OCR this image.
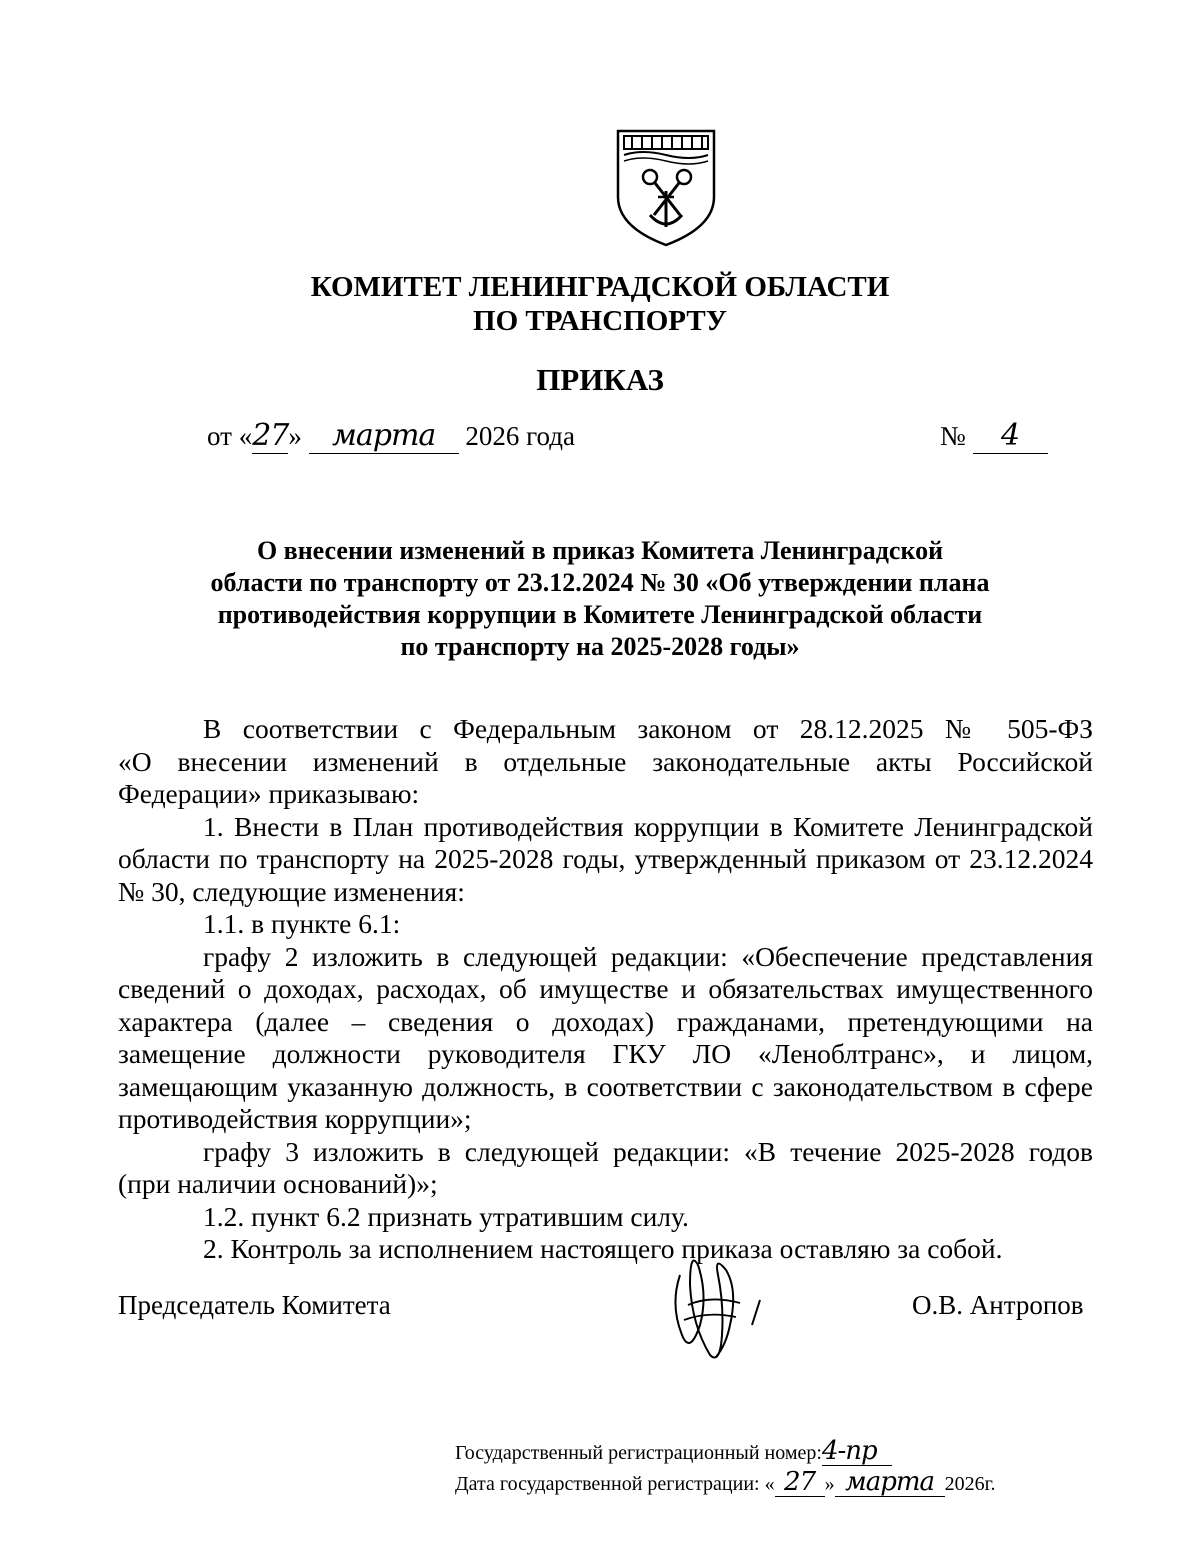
КОМИТЕТ ЛЕНИНГРАДСКОЙ ОБЛАСТИ
ПО ТРАНСПОРТУ
ПРИКАЗ
от «27» марта 2026 года	№ 4
О внесении изменений в приказ Комитета Ленинградской
области по транспорту от 23.12.2024 № 30 «Об утверждении плана
противодействия коррупции в Комитете Ленинградской области
по транспорту на 2025-2028 годы»
В соответствии с Федеральным законом от 28.12.2025 № 505-ФЗ
«О внесении изменений в отдельные законодательные акты Российской
Федерации» приказываю:
1. Внести в План противодействия коррупции в Комитете Ленинградской
области по транспорту на 2025-2028 годы, утвержденный приказом от 23.12.2024
№ 30, следующие изменения:
1.1. в пункте 6.1:
графу 2 изложить в следующей редакции: «Обеспечение представления
сведений о доходах, расходах, об имуществе и обязательствах имущественного
характера (далее – сведения о доходах) гражданами, претендующими на
замещение должности руководителя ГКУ ЛО «Леноблтранс», и лицом,
замещающим указанную должность, в соответствии с законодательством в сфере
противодействия коррупции»;
графу 3 изложить в следующей редакции: «В течение 2025-2028 годов
(при наличии оснований)»;
1.2. пункт 6.2 признать утратившим силу.
2. Контроль за исполнением настоящего приказа оставляю за собой.
Председатель Комитета	О.В. Антропов
Государственный регистрационный номер:4-пр
Дата государственной регистрации: « 27 » марта 2026г.
